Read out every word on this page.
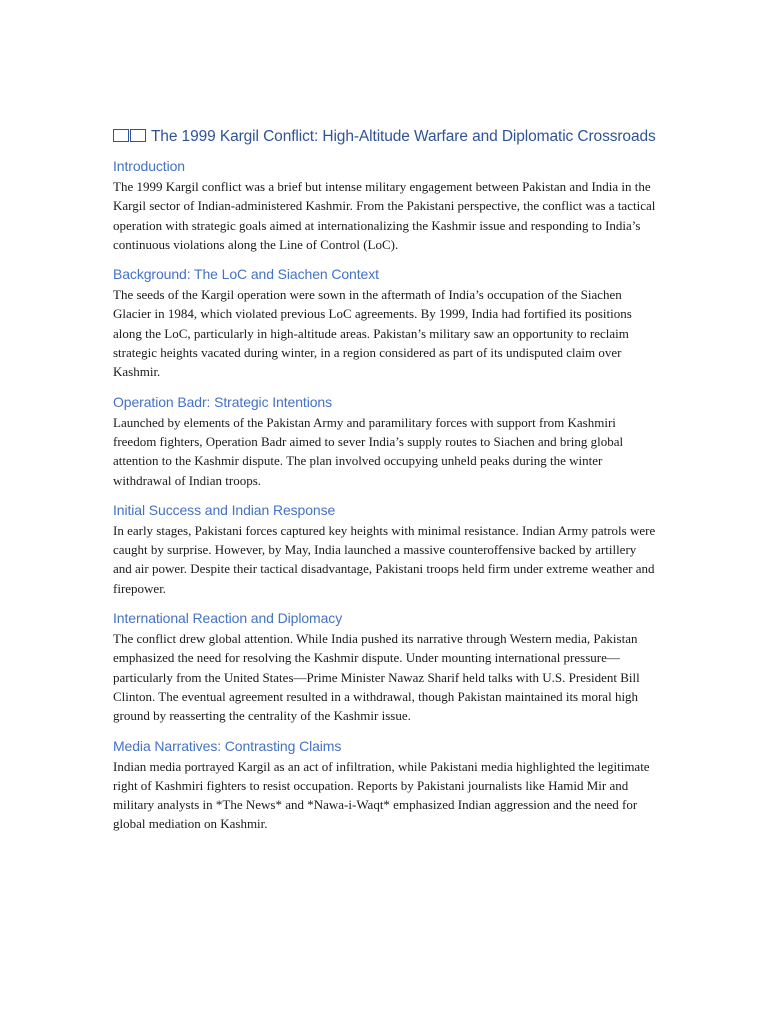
The 1999 Kargil Conflict: High-Altitude Warfare and Diplomatic Crossroads
Introduction

The 1999 Kargil conflict was a brief but intense military engagement between Pakistan and India in the Kargil sector of Indian-administered Kashmir. From the Pakistani perspective, the conflict was a tactical operation with strategic goals aimed at internationalizing the Kashmir issue and responding to India’s continuous violations along the Line of Control (LoC).

Background: The LoC and Siachen Context

The seeds of the Kargil operation were sown in the aftermath of India’s occupation of the Siachen Glacier in 1984, which violated previous LoC agreements. By 1999, India had fortified its positions along the LoC, particularly in high-altitude areas. Pakistan’s military saw an opportunity to reclaim strategic heights vacated during winter, in a region considered as part of its undisputed claim over Kashmir.

Operation Badr: Strategic Intentions

Launched by elements of the Pakistan Army and paramilitary forces with support from Kashmiri freedom fighters, Operation Badr aimed to sever India’s supply routes to Siachen and bring global attention to the Kashmir dispute. The plan involved occupying unheld peaks during the winter withdrawal of Indian troops.

Initial Success and Indian Response

In early stages, Pakistani forces captured key heights with minimal resistance. Indian Army patrols were caught by surprise. However, by May, India launched a massive counteroffensive backed by artillery and air power. Despite their tactical disadvantage, Pakistani troops held firm under extreme weather and firepower.

International Reaction and Diplomacy

The conflict drew global attention. While India pushed its narrative through Western media, Pakistan emphasized the need for resolving the Kashmir dispute. Under mounting international pressure—particularly from the United States—Prime Minister Nawaz Sharif held talks with U.S. President Bill Clinton. The eventual agreement resulted in a withdrawal, though Pakistan maintained its moral high ground by reasserting the centrality of the Kashmir issue.

Media Narratives: Contrasting Claims

Indian media portrayed Kargil as an act of infiltration, while Pakistani media highlighted the legitimate right of Kashmiri fighters to resist occupation. Reports by Pakistani journalists like Hamid Mir and military analysts in *The News* and *Nawa-i-Waqt* emphasized Indian aggression and the need for global mediation on Kashmir.
